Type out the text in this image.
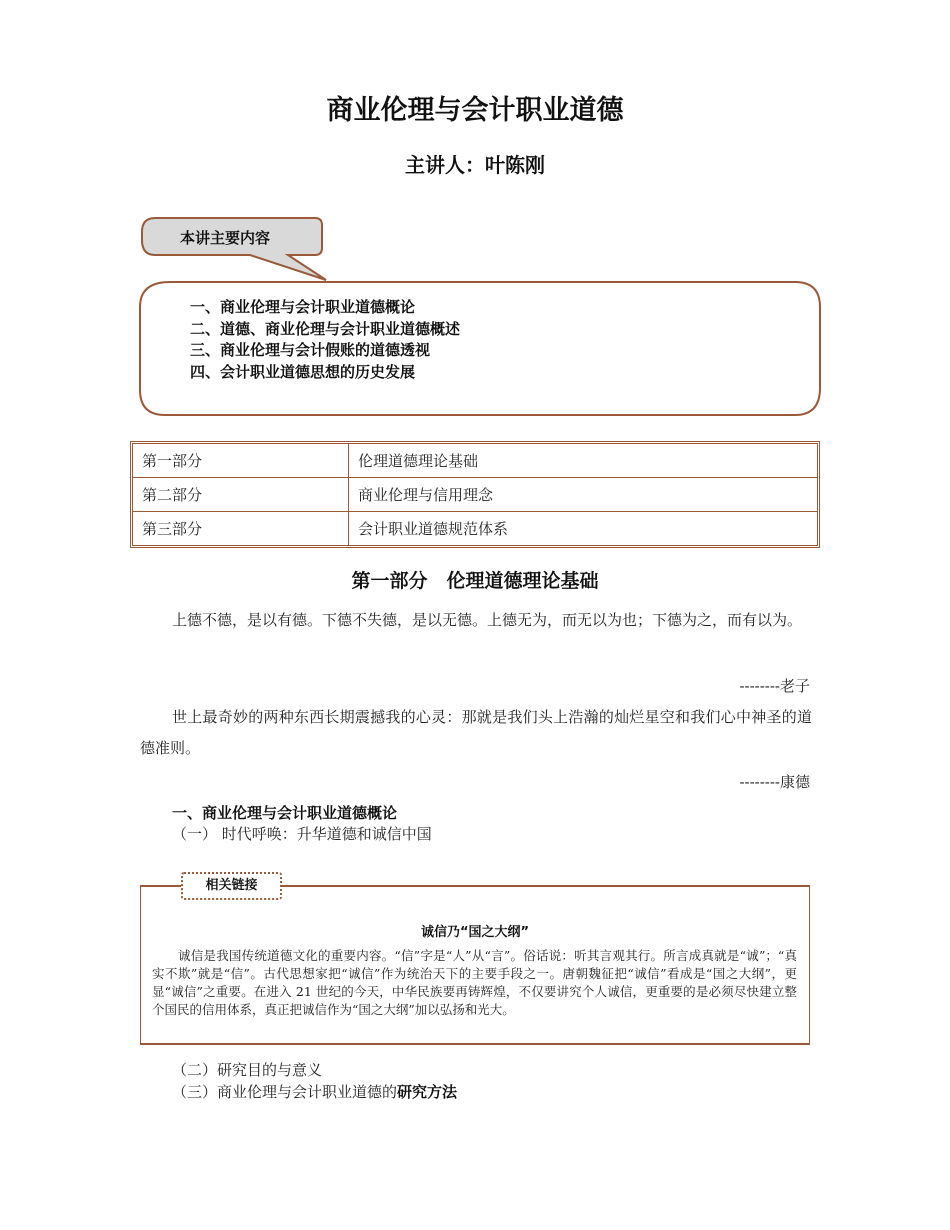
商业伦理与会计职业道德
主讲人：叶陈刚
本讲主要内容
一、商业伦理与会计职业道德概论
二、道德、商业伦理与会计职业道德概述
三、商业伦理与会计假账的道德透视
四、会计职业道德思想的历史发展
第一部分	伦理道德理论基础
第二部分	商业伦理与信用理念
第三部分	会计职业道德规范体系
第一部分　伦理道德理论基础

上德不德，是以有德。下德不失德，是以无德。上德无为，而无以为也；下德为之，而有以为。

--------老子

世上最奇妙的两种东西长期震撼我的心灵：那就是我们头上浩瀚的灿烂星空和我们心中神圣的道德准则。

--------康德
一、商业伦理与会计职业道德概论
（一） 时代呼唤：升华道德和诚信中国
相关链接
诚信乃“国之大纲”

诚信是我国传统道德文化的重要内容。“信”字是“人”从“言”。俗话说：听其言观其行。所言成真就是“诚”；“真实不欺”就是“信”。古代思想家把“诚信”作为统治天下的主要手段之一。唐朝魏征把“诚信”看成是“国之大纲”，更显“诚信”之重要。在进入 21 世纪的今天，中华民族要再铸辉煌，不仅要讲究个人诚信，更重要的是必须尽快建立整个国民的信用体系，真正把诚信作为“国之大纲”加以弘扬和光大。

（二）研究目的与意义
（三）商业伦理与会计职业道德的研究方法
